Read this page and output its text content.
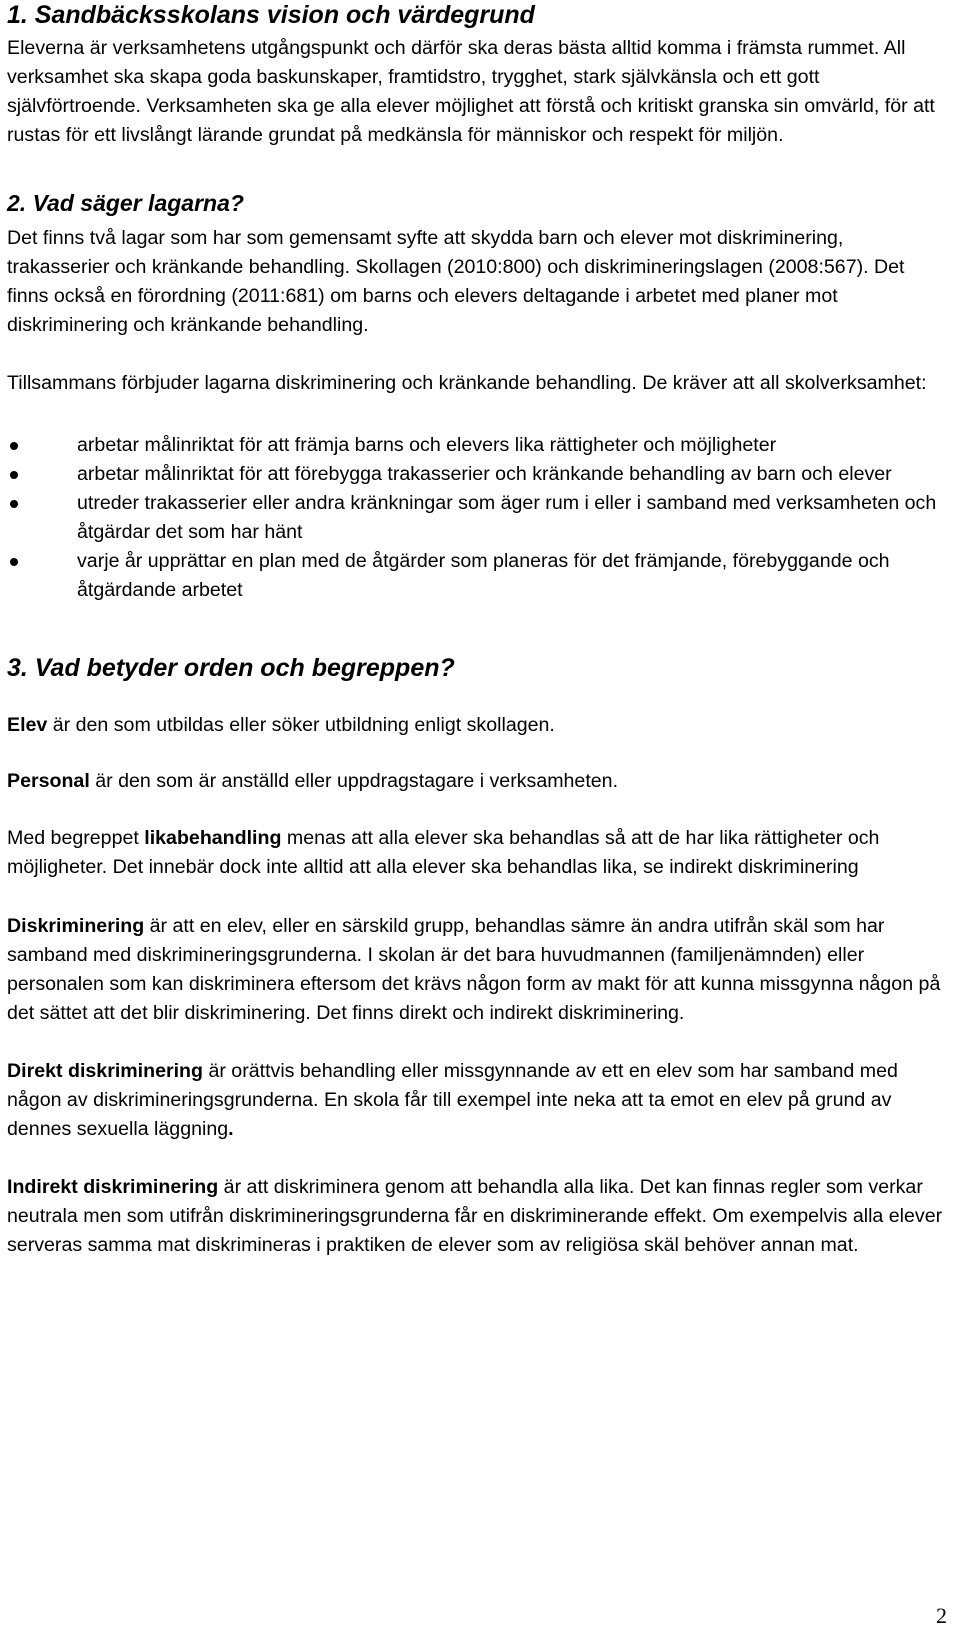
1. Sandbäcksskolans vision och värdegrund

Eleverna är verksamhetens utgångspunkt och därför ska deras bästa alltid komma i främsta rummet. All verksamhet ska skapa goda baskunskaper, framtidstro, trygghet, stark självkänsla och ett gott självförtroende. Verksamheten ska ge alla elever möjlighet att förstå och kritiskt granska sin omvärld, för att rustas för ett livslångt lärande grundat på medkänsla för människor och respekt för miljön.

2. Vad säger lagarna?

Det finns två lagar som har som gemensamt syfte att skydda barn och elever mot diskriminering, trakasserier och kränkande behandling. Skollagen (2010:800) och diskrimineringslagen (2008:567). Det finns också en förordning (2011:681) om barns och elevers deltagande i arbetet med planer mot diskriminering och kränkande behandling.

Tillsammans förbjuder lagarna diskriminering och kränkande behandling. De kräver att all skolverksamhet:

arbetar målinriktat för att främja barns och elevers lika rättigheter och möjligheter
arbetar målinriktat för att förebygga trakasserier och kränkande behandling av barn och elever
utreder trakasserier eller andra kränkningar som äger rum i eller i samband med verksamheten och åtgärdar det som har hänt
varje år upprättar en plan med de åtgärder som planeras för det främjande, förebyggande och åtgärdande arbetet
3. Vad betyder orden och begreppen?

Elev är den som utbildas eller söker utbildning enligt skollagen.

Personal är den som är anställd eller uppdragstagare i verksamheten.

Med begreppet likabehandling menas att alla elever ska behandlas så att de har lika rättigheter och möjligheter. Det innebär dock inte alltid att alla elever ska behandlas lika, se indirekt diskriminering

Diskriminering är att en elev, eller en särskild grupp, behandlas sämre än andra utifrån skäl som har samband med diskrimineringsgrunderna. I skolan är det bara huvudmannen (familjenämnden) eller personalen som kan diskriminera eftersom det krävs någon form av makt för att kunna missgynna någon på det sättet att det blir diskriminering. Det finns direkt och indirekt diskriminering.

Direkt diskriminering är orättvis behandling eller missgynnande av ett en elev som har samband med någon av diskrimineringsgrunderna. En skola får till exempel inte neka att ta emot en elev på grund av dennes sexuella läggning.

Indirekt diskriminering är att diskriminera genom att behandla alla lika. Det kan finnas regler som verkar neutrala men som utifrån diskrimineringsgrunderna får en diskriminerande effekt. Om exempelvis alla elever serveras samma mat diskrimineras i praktiken de elever som av religiösa skäl behöver annan mat.

2
